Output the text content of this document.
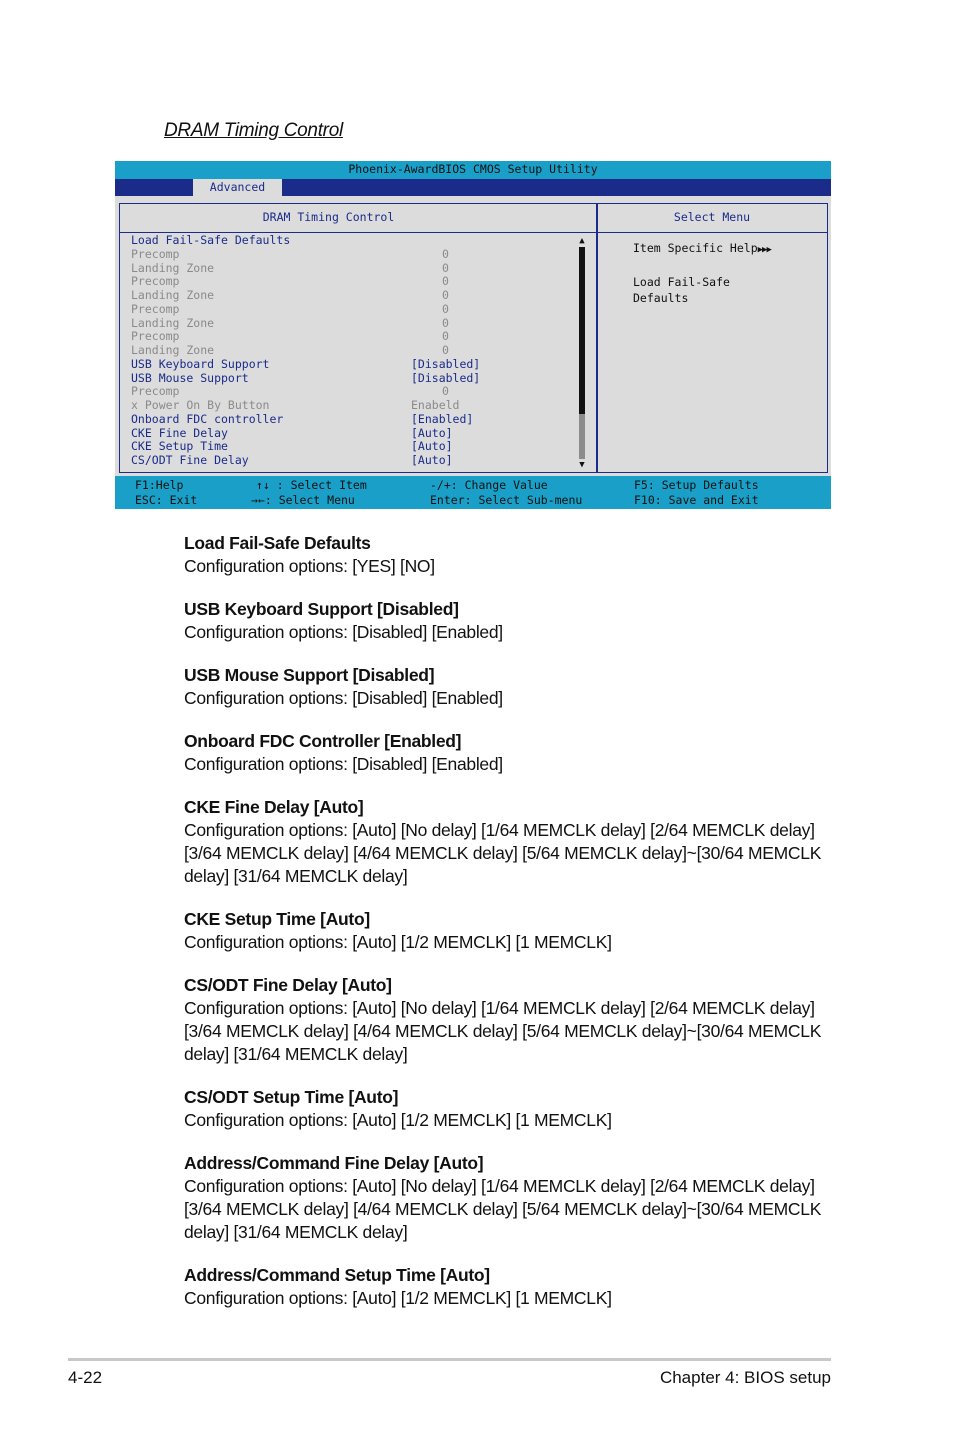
DRAM Timing Control
Phoenix-AwardBIOS CMOS Setup Utility
Advanced
DRAM Timing Control
Load Fail-Safe Defaults
Precomp	0
Landing Zone	0
Precomp	0
Landing Zone	0
Precomp	0
Landing Zone	0
Precomp	0
Landing Zone	0
USB Keyboard Support	[Disabled]
USB Mouse Support	[Disabled]
Precomp	0
x Power On By Button	Enabeld
Onboard FDC controller	[Enabled]
CKE Fine Delay	[Auto]
CKE Setup Time	[Auto]
CS/ODT Fine Delay	[Auto]
▲
▼
Select Menu
Item Specific Help▶▶▶
Load Fail-Safe
Defaults
F1:Help
ESC: Exit
↑↓ : Select Item
→←: Select Menu
-/+: Change Value
Enter: Select Sub-menu
F5: Setup Defaults
F10: Save and Exit
Load Fail-Safe Defaults
Configuration options: [YES] [NO]
USB Keyboard Support [Disabled]
Configuration options: [Disabled] [Enabled]
USB Mouse Support [Disabled]
Configuration options: [Disabled] [Enabled]
Onboard FDC Controller [Enabled]
Configuration options: [Disabled] [Enabled]
CKE Fine Delay [Auto]
Configuration options: [Auto] [No delay] [1/64 MEMCLK delay] [2/64 MEMCLK delay] [3/64 MEMCLK delay] [4/64 MEMCLK delay] [5/64 MEMCLK delay]~[30/64 MEMCLK delay] [31/64 MEMCLK delay]
CKE Setup Time [Auto]
Configuration options: [Auto] [1/2 MEMCLK] [1 MEMCLK]
CS/ODT Fine Delay [Auto]
Configuration options: [Auto] [No delay] [1/64 MEMCLK delay] [2/64 MEMCLK delay] [3/64 MEMCLK delay] [4/64 MEMCLK delay] [5/64 MEMCLK delay]~[30/64 MEMCLK delay] [31/64 MEMCLK delay]
CS/ODT Setup Time [Auto]
Configuration options: [Auto] [1/2 MEMCLK] [1 MEMCLK]
Address/Command Fine Delay [Auto]
Configuration options: [Auto] [No delay] [1/64 MEMCLK delay] [2/64 MEMCLK delay] [3/64 MEMCLK delay] [4/64 MEMCLK delay] [5/64 MEMCLK delay]~[30/64 MEMCLK delay] [31/64 MEMCLK delay]
Address/Command Setup Time [Auto]
Configuration options: [Auto] [1/2 MEMCLK] [1 MEMCLK]
4-22	Chapter 4: BIOS setup
